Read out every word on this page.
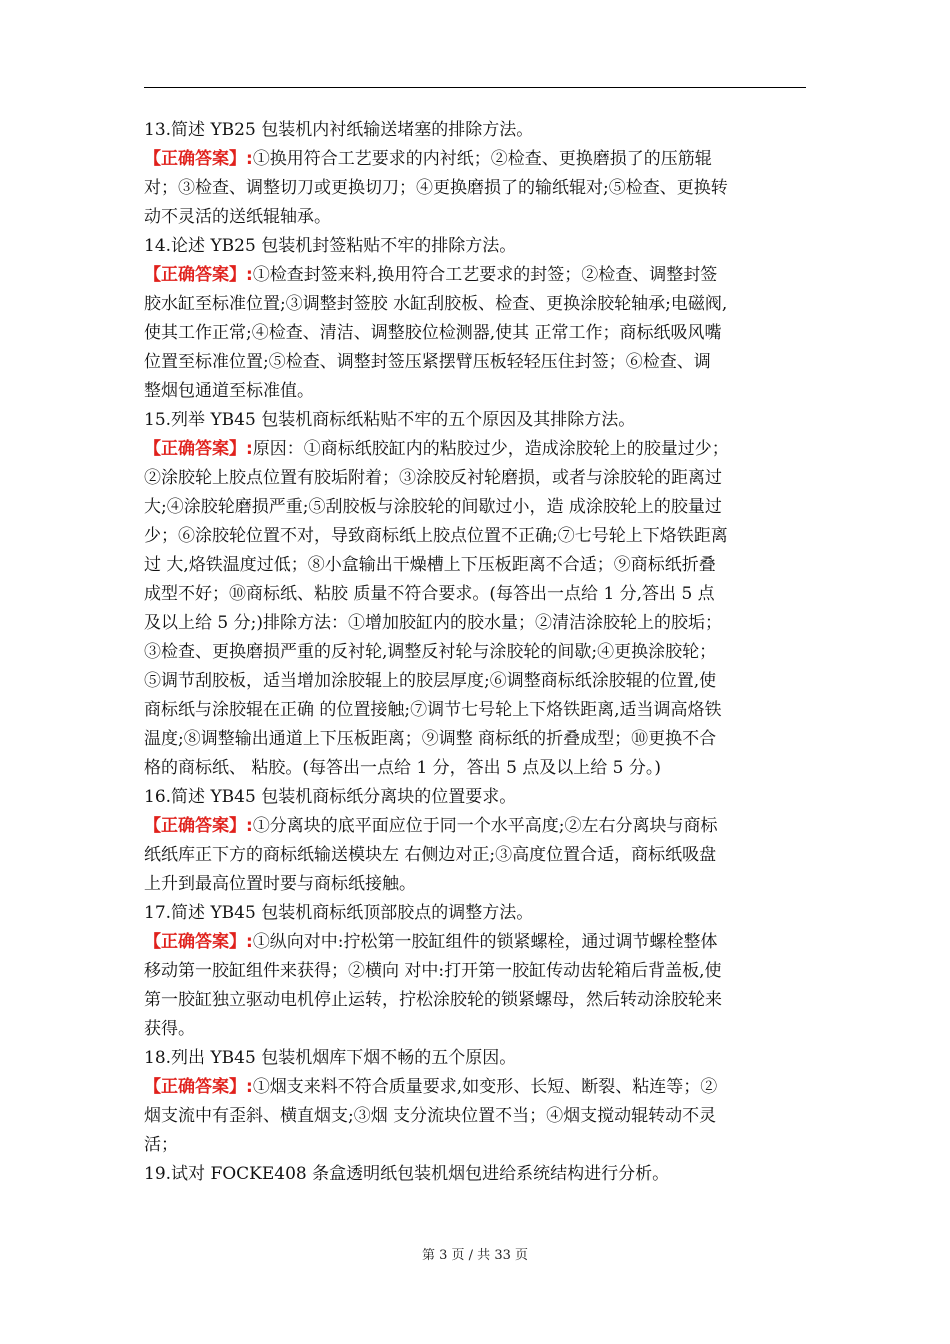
13.简述 YB25 包装机内衬纸输送堵塞的排除方法。

【正确答案】:①换用符合工艺要求的内衬纸；②检查、更换磨损了的压筋辊
对；③检查、调整切刀或更换切刀；④更换磨损了的输纸辊对;⑤检查、更换转
动不灵活的送纸辊轴承。

14.论述 YB25 包装机封签粘贴不牢的排除方法。

【正确答案】:①检查封签来料,换用符合工艺要求的封签；②检查、调整封签
胶水缸至标准位置;③调整封签胶 水缸刮胶板、检查、更换涂胶轮轴承;电磁阀,
使其工作正常;④检查、清洁、调整胶位检测器,使其 正常工作；商标纸吸风嘴
位置至标准位置;⑤检查、调整封签压紧摆臂压板轻轻压住封签；⑥检查、调
整烟包通道至标准值。

15.列举 YB45 包装机商标纸粘贴不牢的五个原因及其排除方法。

【正确答案】:原因：①商标纸胶缸内的粘胶过少，造成涂胶轮上的胶量过少；
②涂胶轮上胶点位置有胶垢附着；③涂胶反衬轮磨损，或者与涂胶轮的距离过
大;④涂胶轮磨损严重;⑤刮胶板与涂胶轮的间歇过小，造 成涂胶轮上的胶量过
少；⑥涂胶轮位置不对，导致商标纸上胶点位置不正确;⑦七号轮上下烙铁距离
过 大,烙铁温度过低；⑧小盒输出干燥槽上下压板距离不合适；⑨商标纸折叠
成型不好；⑩商标纸、粘胶 质量不符合要求。(每答出一点给 1 分,答出 5 点
及以上给 5 分;)排除方法：①增加胶缸内的胶水量；②清洁涂胶轮上的胶垢；
③检查、更换磨损严重的反衬轮,调整反衬轮与涂胶轮的间歇;④更换涂胶轮；
⑤调节刮胶板，适当增加涂胶辊上的胶层厚度;⑥调整商标纸涂胶辊的位置,使
商标纸与涂胶辊在正确 的位置接触;⑦调节七号轮上下烙铁距离,适当调高烙铁
温度;⑧调整输出通道上下压板距离；⑨调整 商标纸的折叠成型；⑩更换不合
格的商标纸、 粘胶。(每答出一点给 1 分，答出 5 点及以上给 5 分。)

16.简述 YB45 包装机商标纸分离块的位置要求。

【正确答案】:①分离块的底平面应位于同一个水平高度;②左右分离块与商标
纸纸库正下方的商标纸输送模块左 右侧边对正;③高度位置合适，商标纸吸盘
上升到最高位置时要与商标纸接触。

17.简述 YB45 包装机商标纸顶部胶点的调整方法。

【正确答案】:①纵向对中:拧松第一胶缸组件的锁紧螺栓，通过调节螺栓整体
移动第一胶缸组件来获得；②横向 对中:打开第一胶缸传动齿轮箱后背盖板,使
第一胶缸独立驱动电机停止运转，拧松涂胶轮的锁紧螺母，然后转动涂胶轮来
获得。

18.列出 YB45 包装机烟库下烟不畅的五个原因。

【正确答案】:①烟支来料不符合质量要求,如变形、长短、断裂、粘连等；②
烟支流中有歪斜、横直烟支;③烟 支分流块位置不当；④烟支搅动辊转动不灵
活；

19.试对 FOCKE408 条盒透明纸包装机烟包进给系统结构进行分析。

第 3 页 / 共 33 页
